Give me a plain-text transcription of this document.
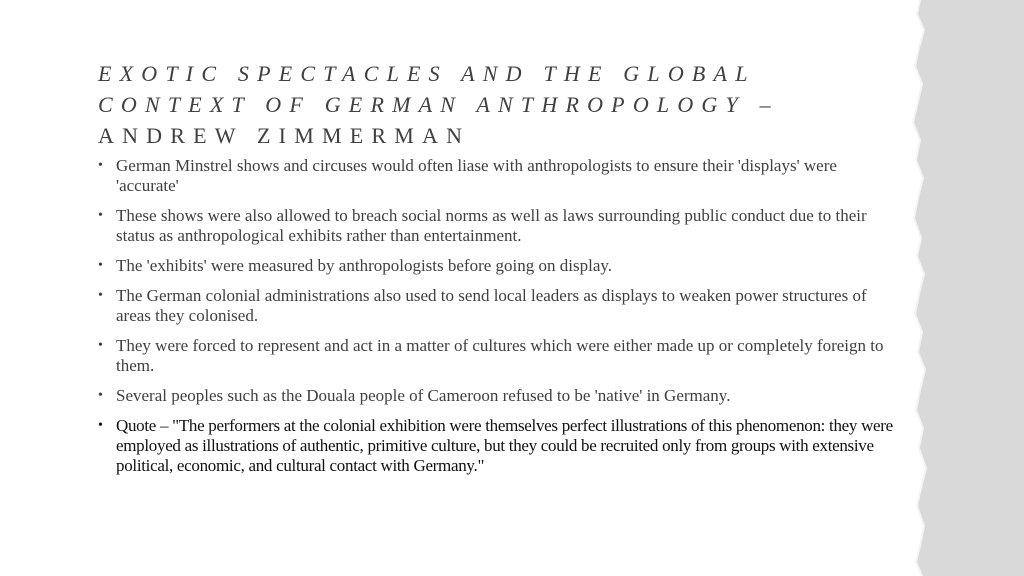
EXOTIC SPECTACLES AND THE GLOBAL
CONTEXT OF GERMAN ANTHROPOLOGY –
ANDREW ZIMMERMAN
• German Minstrel shows and circuses would often liase with anthropologists to ensure their 'displays' were 'accurate'
• These shows were also allowed to breach social norms as well as laws surrounding public conduct due to their status as anthropological exhibits rather than entertainment.
• The 'exhibits' were measured by anthropologists before going on display.
• The German colonial administrations also used to send local leaders as displays to weaken power structures of areas they colonised.
• They were forced to represent and act in a matter of cultures which were either made up or completely foreign to them.
• Several peoples such as the Douala people of Cameroon refused to be 'native' in Germany.
• Quote – "The performers at the colonial exhibition were themselves perfect illustrations of this phenomenon: they were employed as illustrations of authentic, primitive culture, but they could be recruited only from groups with extensive political, economic, and cultural contact with Germany."
